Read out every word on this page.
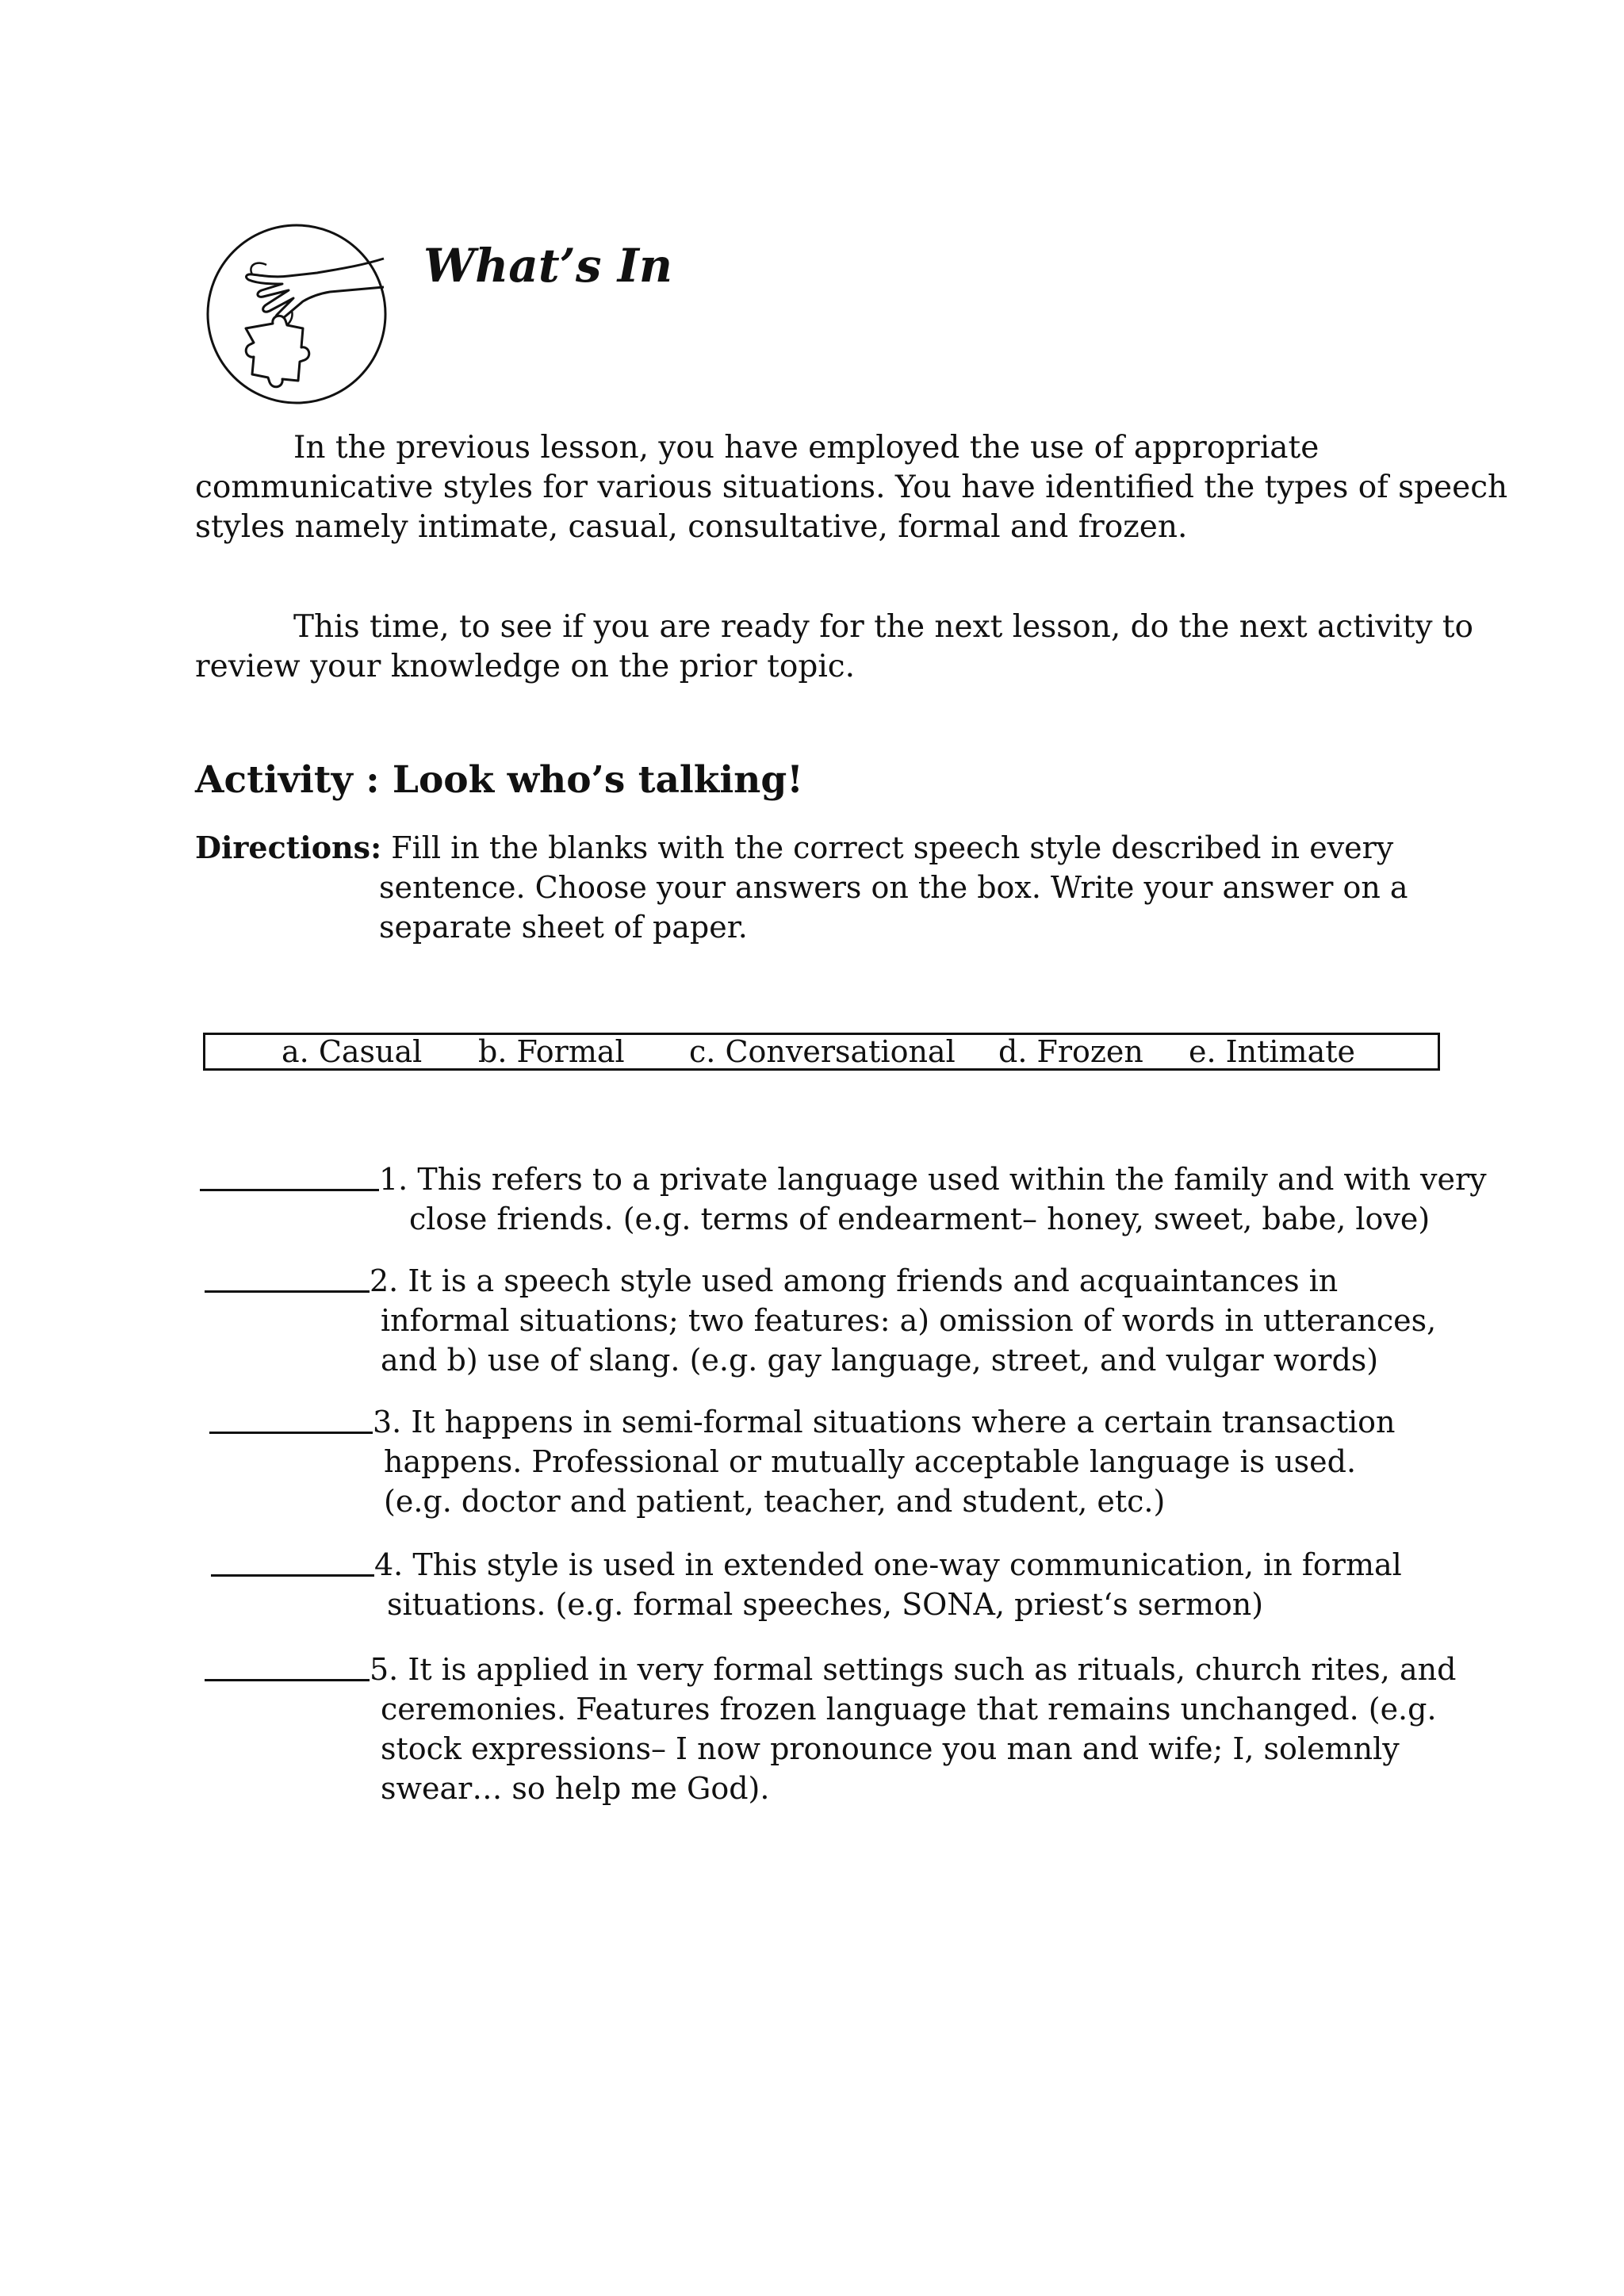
What’s In

In the previous lesson, you have employed the use of appropriate
communicative styles for various situations. You have identified the types of speech
styles namely intimate, casual, consultative, formal and frozen.

This time, to see if you are ready for the next lesson, do the next activity to
review your knowledge on the prior topic.

Activity : Look who’s talking!
Directions: Fill in the blanks with the correct speech style described in every
sentence. Choose your answers on the box. Write your answer on a
separate sheet of paper.
a. Casual b. Formal c. Conversational d. Frozen e. Intimate
1. This refers to a private language used within the family and with very
close friends. (e.g. terms of endearment– honey, sweet, babe, love)
2. It is a speech style used among friends and acquaintances in
informal situations; two features: a) omission of words in utterances,
and b) use of slang. (e.g. gay language, street, and vulgar words)
3. It happens in semi-formal situations where a certain transaction
happens. Professional or mutually acceptable language is used.
(e.g. doctor and patient, teacher, and student, etc.)
4. This style is used in extended one-way communication, in formal
situations. (e.g. formal speeches, SONA, priest‘s sermon)
5. It is applied in very formal settings such as rituals, church rites, and
ceremonies. Features frozen language that remains unchanged. (e.g.
stock expressions– I now pronounce you man and wife; I, solemnly
swear… so help me God).
